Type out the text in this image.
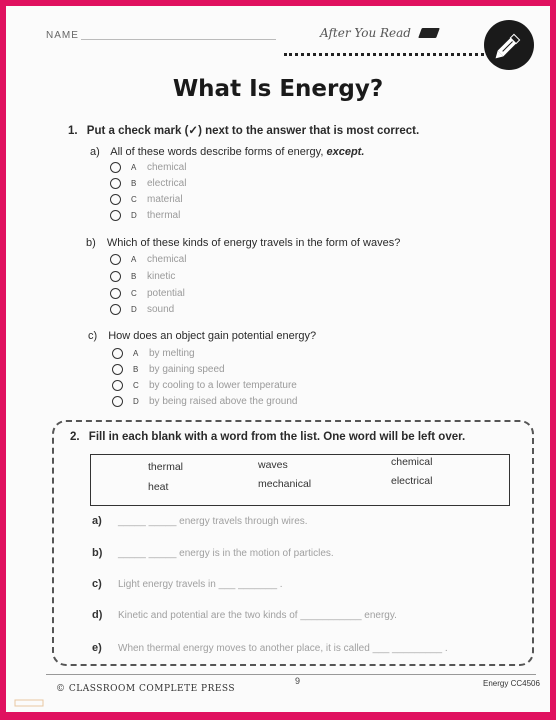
NAME	After You Read
What Is Energy?
1. Put a check mark (✓) next to the answer that is most correct.
a) All of these words describe forms of energy, except.
A	chemical
B	electrical
C	material
D	thermal
b) Which of these kinds of energy travels in the form of waves?
A	chemical
B	kinetic
C	potential
D	sound
c) How does an object gain potential energy?
A	by melting
B	by gaining speed
C	by cooling to a lower temperature
D	by being raised above the ground
2. Fill in each blank with a word from the list. One word will be left over.
thermal	waves	chemical
heat	mechanical	electrical
a)	_____ _____ energy travels through wires.
b)	_____ _____ energy is in the motion of particles.
c)	Light energy travels in ___ _______ .
d)	Kinetic and potential are the two kinds of ___________ energy.
e)	When thermal energy moves to another place, it is called ___ _________ .
© CLASSROOM COMPLETE PRESS
9	Energy CC4506
